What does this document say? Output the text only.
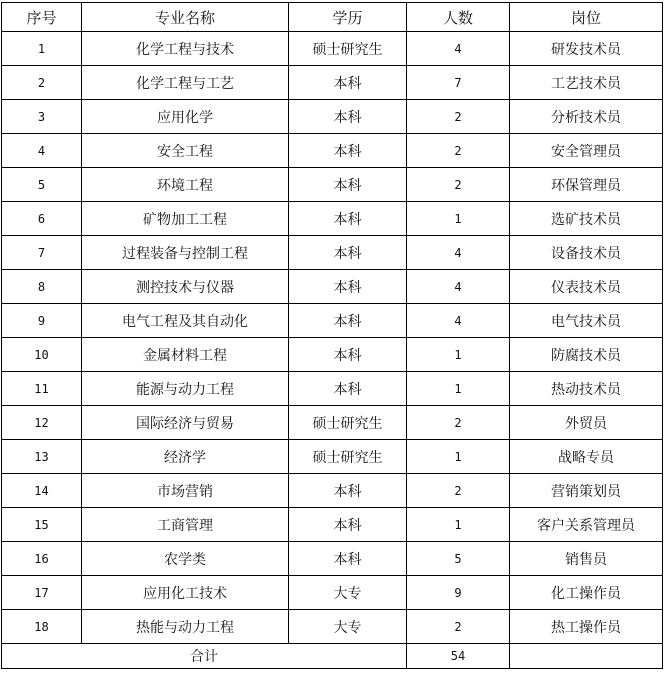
序号	专业名称	学历	人数	岗位
1	化学工程与技术	硕士研究生	4	研发技术员
2	化学工程与工艺	本科	7	工艺技术员
3	应用化学	本科	2	分析技术员
4	安全工程	本科	2	安全管理员
5	环境工程	本科	2	环保管理员
6	矿物加工工程	本科	1	选矿技术员
7	过程装备与控制工程	本科	4	设备技术员
8	测控技术与仪器	本科	4	仪表技术员
9	电气工程及其自动化	本科	4	电气技术员
10	金属材料工程	本科	1	防腐技术员
11	能源与动力工程	本科	1	热动技术员
12	国际经济与贸易	硕士研究生	2	外贸员
13	经济学	硕士研究生	1	战略专员
14	市场营销	本科	2	营销策划员
15	工商管理	本科	1	客户关系管理员
16	农学类	本科	5	销售员
17	应用化工技术	大专	9	化工操作员
18	热能与动力工程	大专	2	热工操作员
合计			54	
